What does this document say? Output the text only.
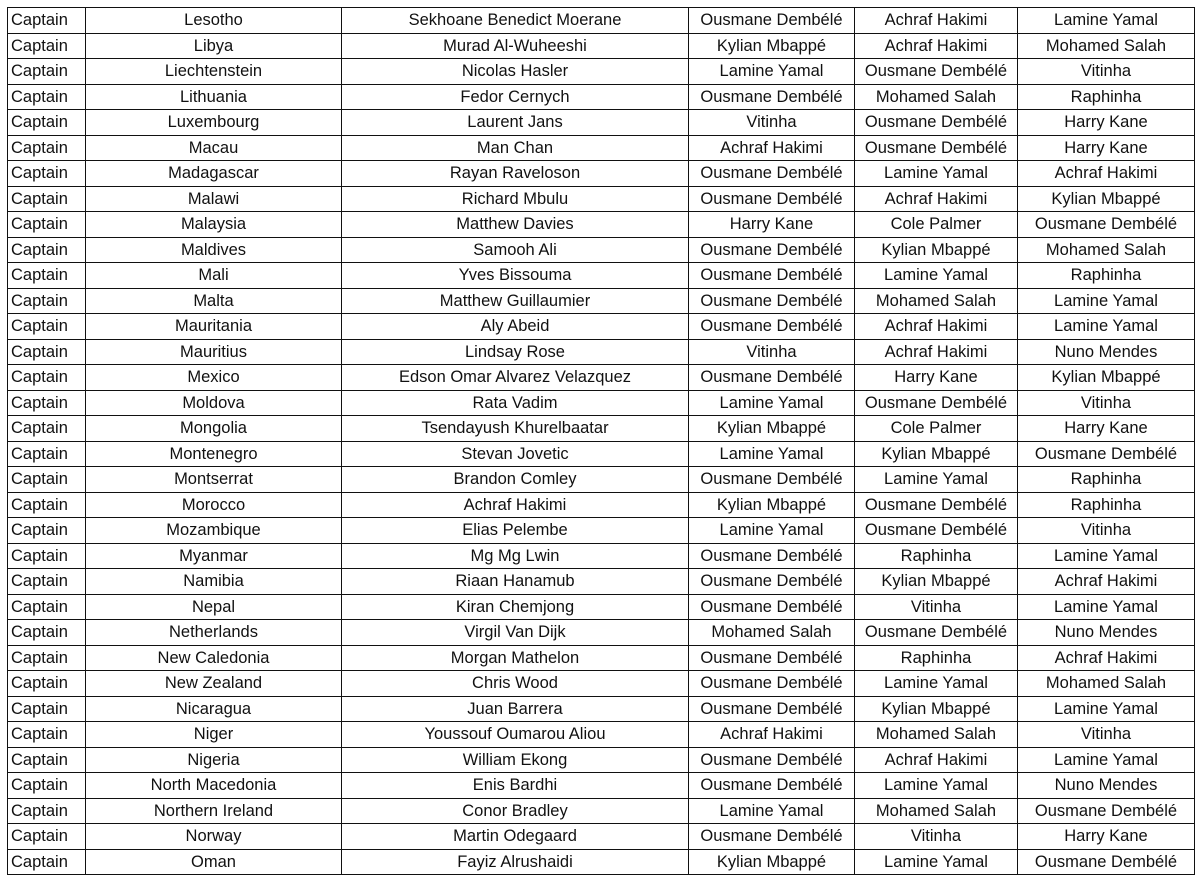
Captain	Lesotho	Sekhoane Benedict Moerane	Ousmane Dembélé	Achraf Hakimi	Lamine Yamal
Captain	Libya	Murad Al-Wuheeshi	Kylian Mbappé	Achraf Hakimi	Mohamed Salah
Captain	Liechtenstein	Nicolas Hasler	Lamine Yamal	Ousmane Dembélé	Vitinha
Captain	Lithuania	Fedor Cernych	Ousmane Dembélé	Mohamed Salah	Raphinha
Captain	Luxembourg	Laurent Jans	Vitinha	Ousmane Dembélé	Harry Kane
Captain	Macau	Man Chan	Achraf Hakimi	Ousmane Dembélé	Harry Kane
Captain	Madagascar	Rayan Raveloson	Ousmane Dembélé	Lamine Yamal	Achraf Hakimi
Captain	Malawi	Richard Mbulu	Ousmane Dembélé	Achraf Hakimi	Kylian Mbappé
Captain	Malaysia	Matthew Davies	Harry Kane	Cole Palmer	Ousmane Dembélé
Captain	Maldives	Samooh Ali	Ousmane Dembélé	Kylian Mbappé	Mohamed Salah
Captain	Mali	Yves Bissouma	Ousmane Dembélé	Lamine Yamal	Raphinha
Captain	Malta	Matthew Guillaumier	Ousmane Dembélé	Mohamed Salah	Lamine Yamal
Captain	Mauritania	Aly Abeid	Ousmane Dembélé	Achraf Hakimi	Lamine Yamal
Captain	Mauritius	Lindsay Rose	Vitinha	Achraf Hakimi	Nuno Mendes
Captain	Mexico	Edson Omar Alvarez Velazquez	Ousmane Dembélé	Harry Kane	Kylian Mbappé
Captain	Moldova	Rata Vadim	Lamine Yamal	Ousmane Dembélé	Vitinha
Captain	Mongolia	Tsendayush Khurelbaatar	Kylian Mbappé	Cole Palmer	Harry Kane
Captain	Montenegro	Stevan Jovetic	Lamine Yamal	Kylian Mbappé	Ousmane Dembélé
Captain	Montserrat	Brandon Comley	Ousmane Dembélé	Lamine Yamal	Raphinha
Captain	Morocco	Achraf Hakimi	Kylian Mbappé	Ousmane Dembélé	Raphinha
Captain	Mozambique	Elias Pelembe	Lamine Yamal	Ousmane Dembélé	Vitinha
Captain	Myanmar	Mg Mg Lwin	Ousmane Dembélé	Raphinha	Lamine Yamal
Captain	Namibia	Riaan Hanamub	Ousmane Dembélé	Kylian Mbappé	Achraf Hakimi
Captain	Nepal	Kiran Chemjong	Ousmane Dembélé	Vitinha	Lamine Yamal
Captain	Netherlands	Virgil Van Dijk	Mohamed Salah	Ousmane Dembélé	Nuno Mendes
Captain	New Caledonia	Morgan Mathelon	Ousmane Dembélé	Raphinha	Achraf Hakimi
Captain	New Zealand	Chris Wood	Ousmane Dembélé	Lamine Yamal	Mohamed Salah
Captain	Nicaragua	Juan Barrera	Ousmane Dembélé	Kylian Mbappé	Lamine Yamal
Captain	Niger	Youssouf Oumarou Aliou	Achraf Hakimi	Mohamed Salah	Vitinha
Captain	Nigeria	William Ekong	Ousmane Dembélé	Achraf Hakimi	Lamine Yamal
Captain	North Macedonia	Enis Bardhi	Ousmane Dembélé	Lamine Yamal	Nuno Mendes
Captain	Northern Ireland	Conor Bradley	Lamine Yamal	Mohamed Salah	Ousmane Dembélé
Captain	Norway	Martin Odegaard	Ousmane Dembélé	Vitinha	Harry Kane
Captain	Oman	Fayiz Alrushaidi	Kylian Mbappé	Lamine Yamal	Ousmane Dembélé
